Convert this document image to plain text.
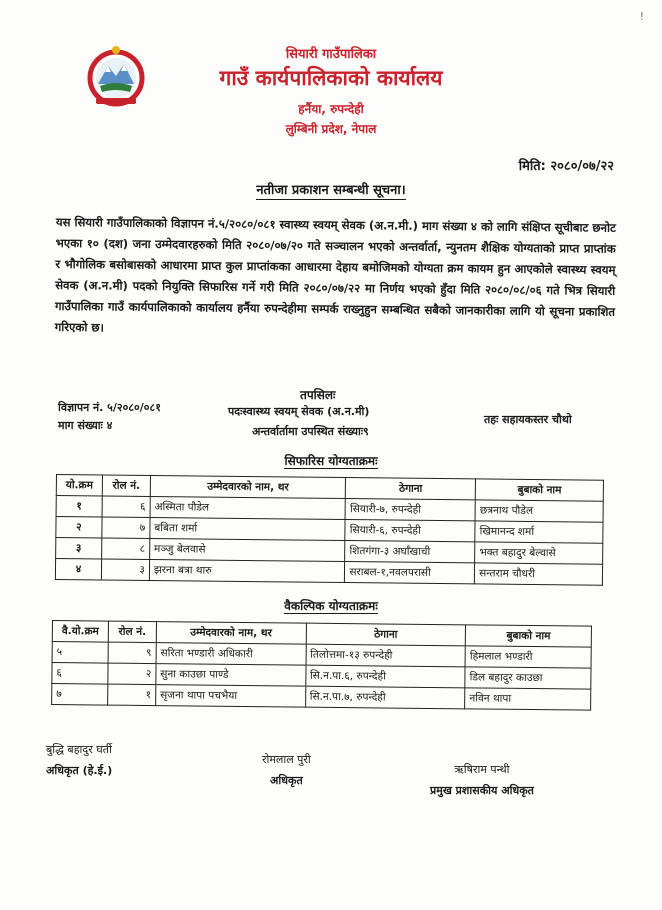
!
सियारी गाउँपालिका
गाउँ कार्यपालिकाको कार्यालय
हर्नैया, रुपन्देही
लुम्बिनी प्रदेश, नेपाल
मिति: २०८०/०७/२२
नतीजा प्रकाशन सम्बन्धी सूचना।
यस सियारी गाउँपालिकाको विज्ञापन नं.५/२०८०/०८१ स्वास्थ्य स्वयम् सेवक (अ.न.मी.) माग संख्या ४ को लागि संक्षिप्त सूचीबाट छनोट भएका १० (दश) जना उम्मेदवारहरुको मिति २०८०/०७/२० गते सञ्चालन भएको अन्तर्वार्ता, न्युनतम शैक्षिक योग्यताको प्राप्त प्राप्तांक र भौगोलिक बसोबासको आधारमा प्राप्त कुल प्राप्तांकका आधारमा देहाय बमोजिमको योग्यता क्रम कायम हुन आएकोले स्वास्थ्य स्वयम् सेवक (अ.न.मी) पदको नियुक्ति सिफारिस गर्ने गरी मिति २०८०/०७/२२ मा निर्णय भएको हुँदा मिति २०८०/०८/०६ गते भित्र सियारी गाउँपालिका गाउँ कार्यपालिकाको कार्यालय हर्नैया रुपन्देहीमा सम्पर्क राख्नुहुन सम्बन्धित सबैको जानकारीका लागि यो सूचना प्रकाशित गरिएको छ।
तपसिलः
विज्ञापन नं. ५/२०८०/०८१
माग संख्याः ४
पदःस्वास्थ्य स्वयम् सेवक (अ.न.मी)
अन्तर्वार्तामा उपस्थित संख्याः९
तहः सहायकस्तर चौथो
सिफारिस योग्यताक्रमः
यो.क्रम	रोल नं.	उम्मेदवारको नाम, थर	ठेगाना	बुबाको नाम
१	६	अस्मिता पौडेल	सियारी-७, रुपन्देही	छत्रनाथ पौडेल
२	७	बबिता शर्मा	सियारी-६, रुपन्देही	खिमानन्द शर्मा
३	८	मञ्जु बेलवासे	शितगंगा-३ अर्घाँखाची	भक्त बहादुर बेल्वासे
४	३	झरना बत्रा थारु	सराबल-१,नवलपरासी	सन्तराम चौधरी
वैकल्पिक योग्यताक्रमः
वै.यो.क्रम	रोल नं.	उम्मेदवारको नाम, थर	ठेगाना	बुबाको नाम
५	९	सरिता भण्डारी अधिकारी	तिलोत्तमा-१३ रुपन्देही	हिमलाल भण्डारी
६	२	सुना काउछा पाण्डे	सि.न.पा.६, रुपन्देही	डिल बहादुर काउछा
७	१	सृजना थापा पचभैया	सि.न.पा.७, रुपन्देही	नविन थापा
बुद्धि बहादुर घर्ती
अधिकृत (हे.ई.)
रोमलाल पुरी
अधिकृत
ऋषिराम पन्थी
प्रमुख प्रशासकीय अधिकृत
